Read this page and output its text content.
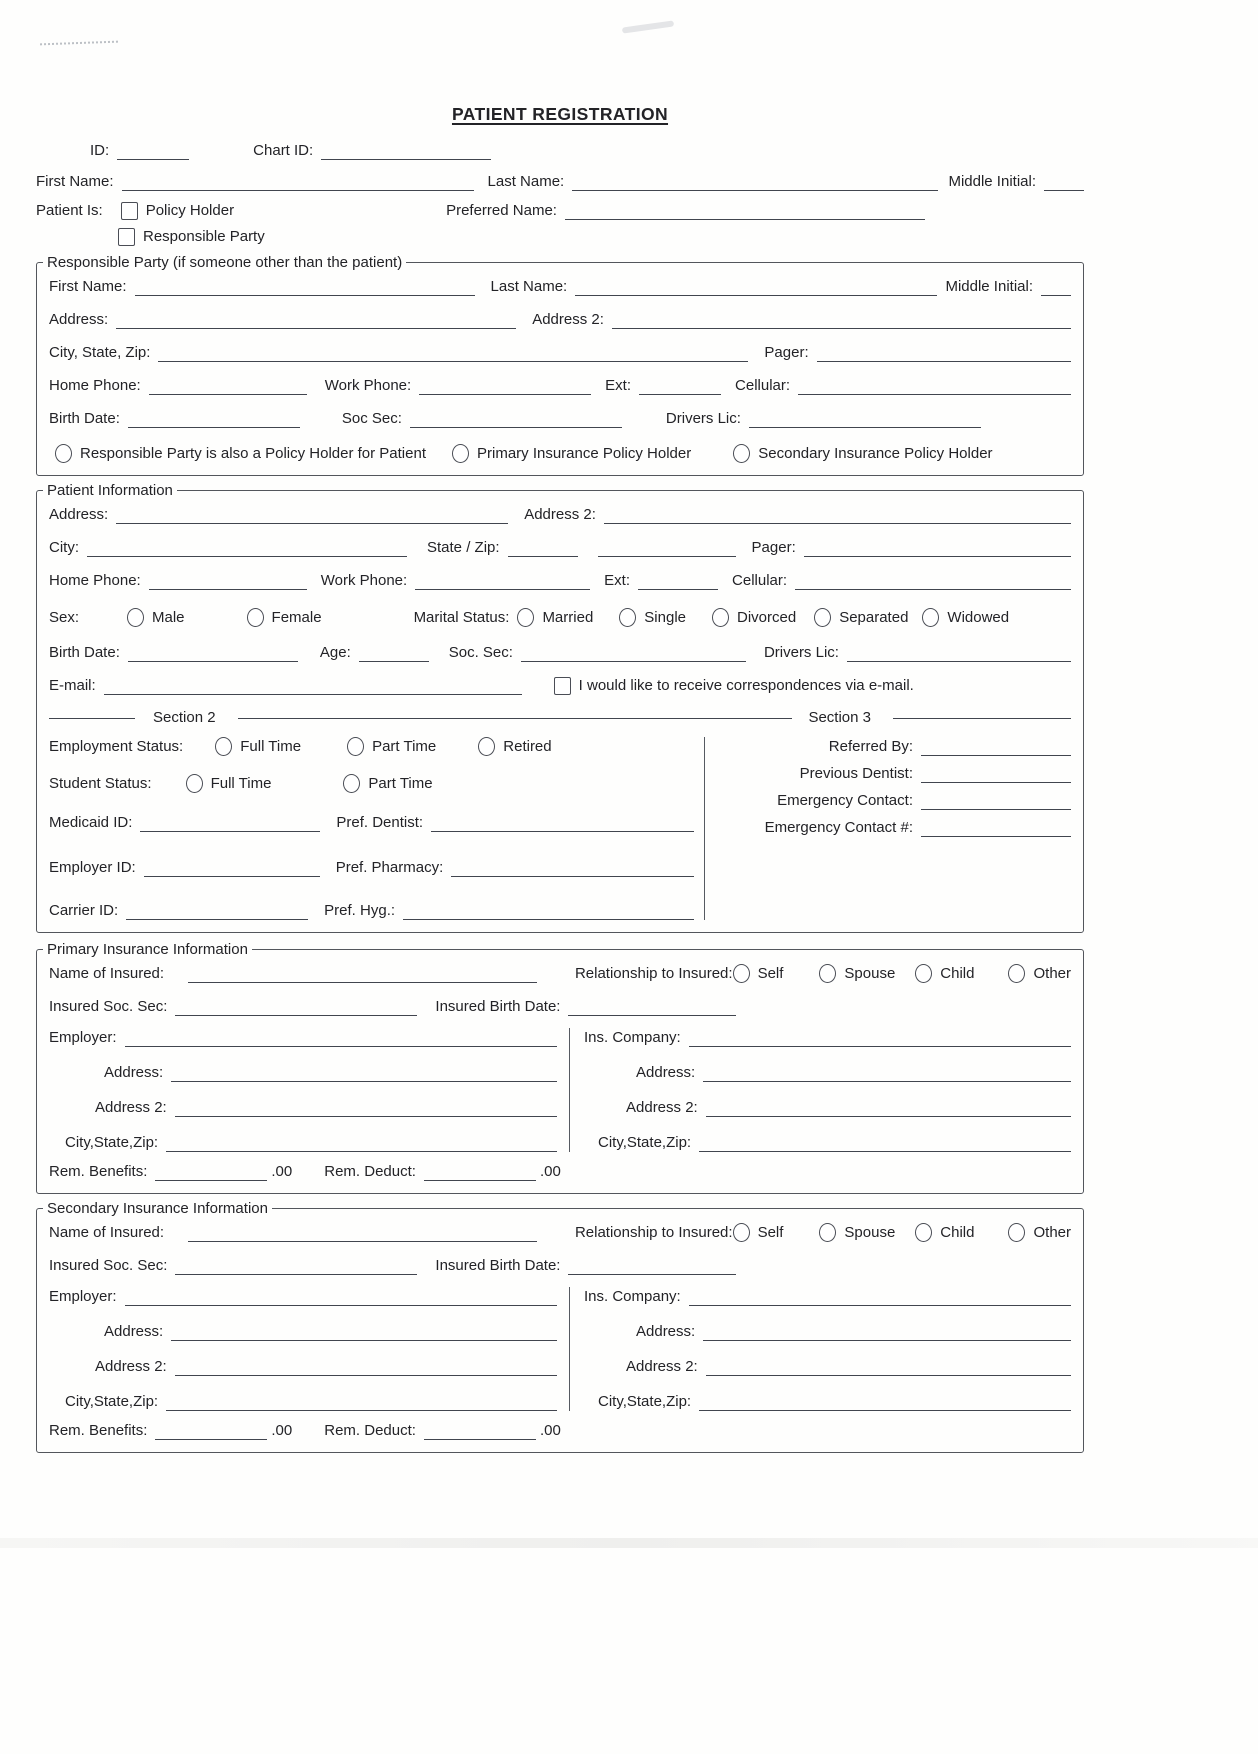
PATIENT REGISTRATION
ID:	Chart ID:
First Name:	Last Name:	Middle Initial:
Patient Is:	Policy Holder	Preferred Name:
Responsible Party
Responsible Party (if someone other than the patient)
First Name:	Last Name:	Middle Initial:
Address:	Address 2:
City, State, Zip:	Pager:
Home Phone:	Work Phone:	Ext:	Cellular:
Birth Date:	Soc Sec:	Drivers Lic:
Responsible Party is also a Policy Holder for Patient	Primary Insurance Policy Holder	Secondary Insurance Policy Holder
Patient Information
Address:	Address 2:
City:	State / Zip:	Pager:
Home Phone:	Work Phone:	Ext:	Cellular:
Sex:	Male	Female	Marital Status:	Married	Single	Divorced	Separated	Widowed
Birth Date:	Age:	Soc. Sec:	Drivers Lic:
E-mail:	I would like to receive correspondences via e-mail.
Section 2	Section 3
Employment Status:	Full Time	Part Time	Retired
Student Status:	Full Time	Part Time
Medicaid ID:	Pref. Dentist:
Employer ID:	Pref. Pharmacy:
Carrier ID:	Pref. Hyg.:
Referred By:
Previous Dentist:
Emergency Contact:
Emergency Contact #:
Primary Insurance Information
Name of Insured:	Relationship to Insured: Self	Spouse	Child	Other
Insured Soc. Sec:	Insured Birth Date:
Employer:
Address:
Address 2:
City,State,Zip:
Ins. Company:
Address:
Address 2:
City,State,Zip:
Rem. Benefits:	.00	Rem. Deduct:	.00
Secondary Insurance Information
Name of Insured:	Relationship to Insured: Self	Spouse	Child	Other
Insured Soc. Sec:	Insured Birth Date:
Employer:
Address:
Address 2:
City,State,Zip:
Ins. Company:
Address:
Address 2:
City,State,Zip:
Rem. Benefits:	.00	Rem. Deduct:	.00
